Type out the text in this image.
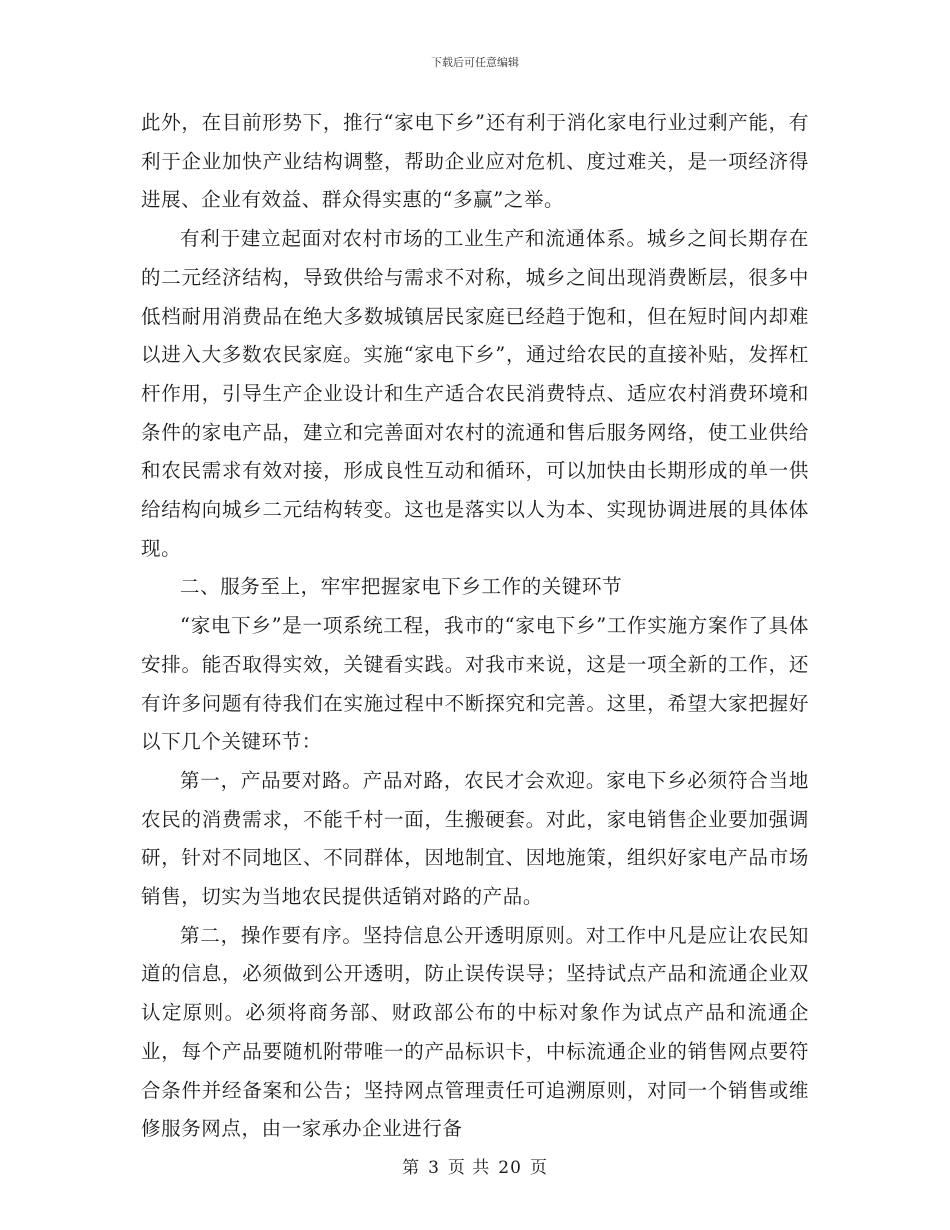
下载后可任意编辑

此外，在目前形势下，推行“家电下乡”还有利于消化家电行业过剩产能，有利于企业加快产业结构调整，帮助企业应对危机、度过难关，是一项经济得进展、企业有效益、群众得实惠的“多赢”之举。

有利于建立起面对农村市场的工业生产和流通体系。城乡之间长期存在的二元经济结构，导致供给与需求不对称，城乡之间出现消费断层，很多中低档耐用消费品在绝大多数城镇居民家庭已经趋于饱和，但在短时间内却难以进入大多数农民家庭。实施“家电下乡”，通过给农民的直接补贴，发挥杠杆作用，引导生产企业设计和生产适合农民消费特点、适应农村消费环境和条件的家电产品，建立和完善面对农村的流通和售后服务网络，使工业供给和农民需求有效对接，形成良性互动和循环，可以加快由长期形成的单一供给结构向城乡二元结构转变。这也是落实以人为本、实现协调进展的具体体现。

二、服务至上，牢牢把握家电下乡工作的关键环节

“家电下乡”是一项系统工程，我市的“家电下乡”工作实施方案作了具体安排。能否取得实效，关键看实践。对我市来说，这是一项全新的工作，还有许多问题有待我们在实施过程中不断探究和完善。这里，希望大家把握好以下几个关键环节：

第一，产品要对路。产品对路，农民才会欢迎。家电下乡必须符合当地农民的消费需求，不能千村一面，生搬硬套。对此，家电销售企业要加强调研，针对不同地区、不同群体，因地制宜、因地施策，组织好家电产品市场销售，切实为当地农民提供适销对路的产品。

第二，操作要有序。坚持信息公开透明原则。对工作中凡是应让农民知道的信息，必须做到公开透明，防止误传误导；坚持试点产品和流通企业双认定原则。必须将商务部、财政部公布的中标对象作为试点产品和流通企业，每个产品要随机附带唯一的产品标识卡，中标流通企业的销售网点要符合条件并经备案和公告；坚持网点管理责任可追溯原则，对同一个销售或维修服务网点，由一家承办企业进行备

第 3 页 共 20 页
